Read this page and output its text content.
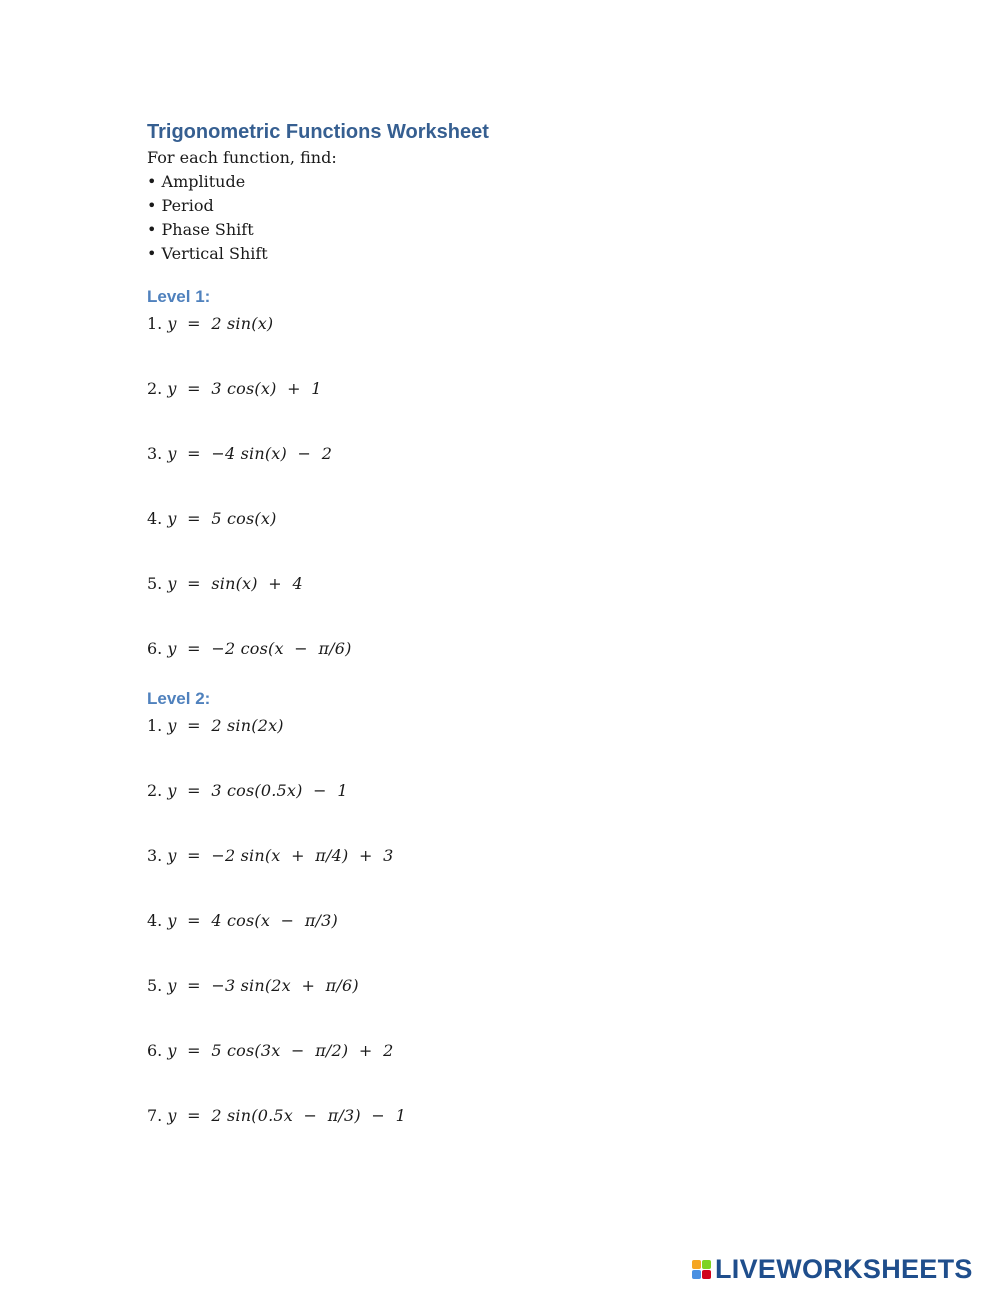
Trigonometric Functions Worksheet

For each function, find:

• Amplitude
• Period
• Phase Shift
• Vertical Shift
Level 1:
1. y  =  2 sin(x)
2. y  =  3 cos(x)  +  1
3. y  =  −4 sin(x)  −  2
4. y  =  5 cos(x)
5. y  =  sin(x)  +  4
6. y  =  −2 cos(x  −  π/6)
Level 2:
1. y  =  2 sin(2x)
2. y  =  3 cos(0.5x)  −  1
3. y  =  −2 sin(x  +  π/4)  +  3
4. y  =  4 cos(x  −  π/3)
5. y  =  −3 sin(2x  +  π/6)
6. y  =  5 cos(3x  −  π/2)  +  2
7. y  =  2 sin(0.5x  −  π/3)  −  1
LIVEWORKSHEETS
